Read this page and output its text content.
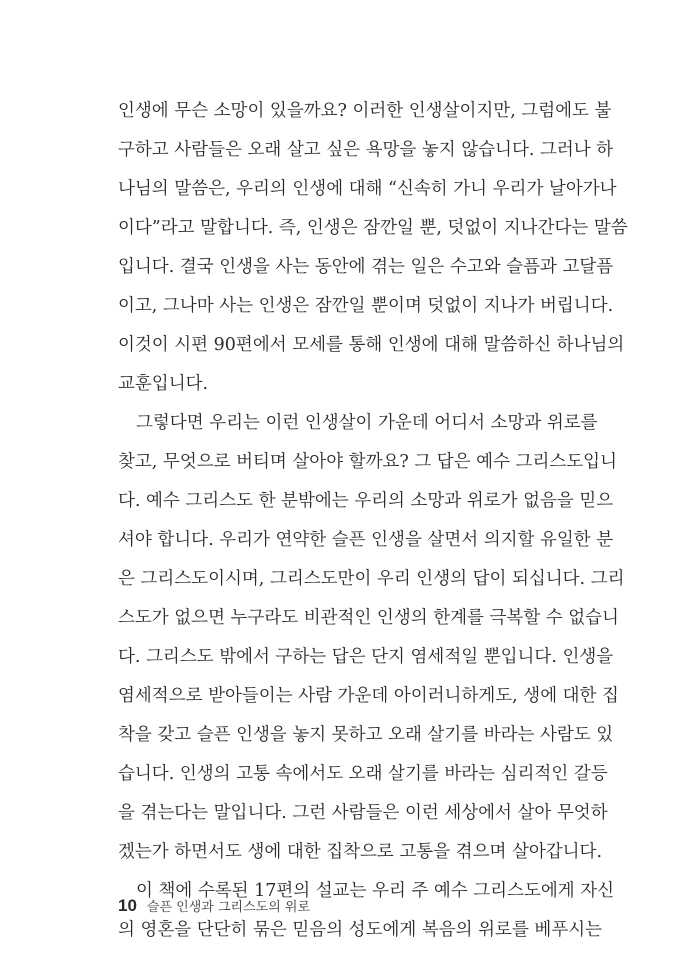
인생에 무슨 소망이 있을까요? 이러한 인생살이지만, 그럼에도 불
구하고 사람들은 오래 살고 싶은 욕망을 놓지 않습니다. 그러나 하
나님의 말씀은, 우리의 인생에 대해 “신속히 가니 우리가 날아가나
이다”라고 말합니다. 즉, 인생은 잠깐일 뿐, 덧없이 지나간다는 말씀
입니다. 결국 인생을 사는 동안에 겪는 일은 수고와 슬픔과 고달픔
이고, 그나마 사는 인생은 잠깐일 뿐이며 덧없이 지나가 버립니다.
이것이 시편 90편에서 모세를 통해 인생에 대해 말씀하신 하나님의
교훈입니다.
그렇다면 우리는 이런 인생살이 가운데 어디서 소망과 위로를
찾고, 무엇으로 버티며 살아야 할까요? 그 답은 예수 그리스도입니
다. 예수 그리스도 한 분밖에는 우리의 소망과 위로가 없음을 믿으
셔야 합니다. 우리가 연약한 슬픈 인생을 살면서 의지할 유일한 분
은 그리스도이시며, 그리스도만이 우리 인생의 답이 되십니다. 그리
스도가 없으면 누구라도 비관적인 인생의 한계를 극복할 수 없습니
다. 그리스도 밖에서 구하는 답은 단지 염세적일 뿐입니다. 인생을
염세적으로 받아들이는 사람 가운데 아이러니하게도, 생에 대한 집
착을 갖고 슬픈 인생을 놓지 못하고 오래 살기를 바라는 사람도 있
습니다. 인생의 고통 속에서도 오래 살기를 바라는 심리적인 갈등
을 겪는다는 말입니다. 그런 사람들은 이런 세상에서 살아 무엇하
겠는가 하면서도 생에 대한 집착으로 고통을 겪으며 살아갑니다.
이 책에 수록된 17편의 설교는 우리 주 예수 그리스도에게 자신
의 영혼을 단단히 묶은 믿음의 성도에게 복음의 위로를 베푸시는
10 슬픈 인생과 그리스도의 위로
